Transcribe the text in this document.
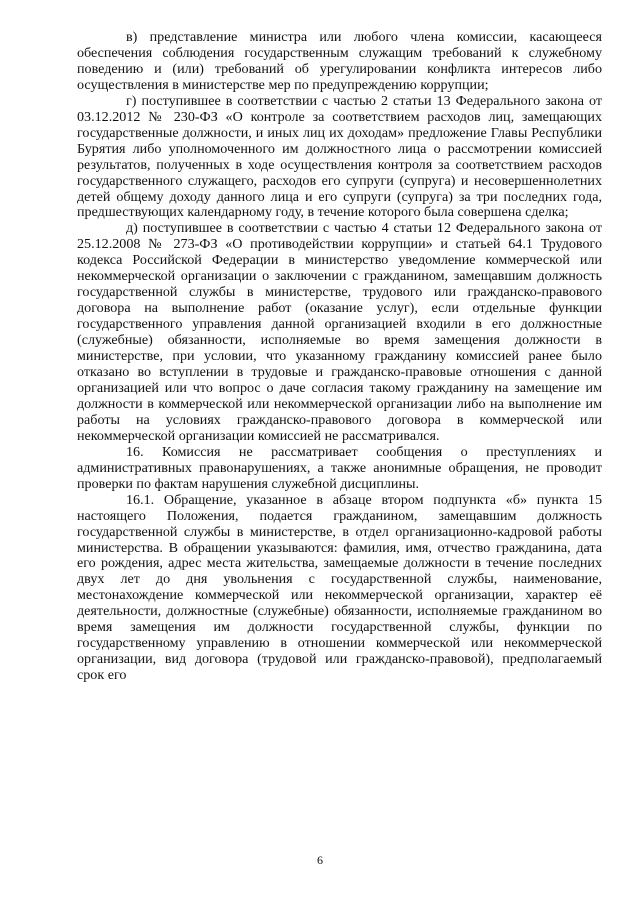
в) представление министра или любого члена комиссии, касающееся обеспечения соблюдения государственным служащим требований к служебному поведению и (или) требований об урегулировании конфликта интересов либо осуществления в министерстве мер по предупреждению коррупции;

г) поступившее в соответствии с частью 2 статьи 13 Федерального закона от 03.12.2012 № 230-ФЗ «О контроле за соответствием расходов лиц, замещающих государственные должности, и иных лиц их доходам» предложение Главы Республики Бурятия либо уполномоченного им должностного лица о рассмотрении комиссией результатов, полученных в ходе осуществления контроля за соответствием расходов государственного служащего, расходов его супруги (супруга) и несовершеннолетних детей общему доходу данного лица и его супруги (супруга) за три последних года, предшествующих календарному году, в течение которого была совершена сделка;

д) поступившее в соответствии с частью 4 статьи 12 Федерального закона от 25.12.2008 № 273-ФЗ «О противодействии коррупции» и статьей 64.1 Трудового кодекса Российской Федерации в министерство уведомление коммерческой или некоммерческой организации о заключении с гражданином, замещавшим должность государственной службы в министерстве, трудового или гражданско-правового договора на выполнение работ (оказание услуг), если отдельные функции государственного управления данной организацией входили в его должностные (служебные) обязанности, исполняемые во время замещения должности в министерстве, при условии, что указанному гражданину комиссией ранее было отказано во вступлении в трудовые и гражданско-правовые отношения с данной организацией или что вопрос о даче согласия такому гражданину на замещение им должности в коммерческой или некоммерческой организации либо на выполнение им работы на условиях гражданско-правового договора в коммерческой или некоммерческой организации комиссией не рассматривался.

16. Комиссия не рассматривает сообщения о преступлениях и административных правонарушениях, а также анонимные обращения, не проводит проверки по фактам нарушения служебной дисциплины.

16.1. Обращение, указанное в абзаце втором подпункта «б» пункта 15 настоящего Положения, подается гражданином, замещавшим должность государственной службы в министерстве, в отдел организационно-кадровой работы министерства. В обращении указываются: фамилия, имя, отчество гражданина, дата его рождения, адрес места жительства, замещаемые должности в течение последних двух лет до дня увольнения с государственной службы, наименование, местонахождение коммерческой или некоммерческой организации, характер её деятельности, должностные (служебные) обязанности, исполняемые гражданином во время замещения им должности государственной службы, функции по государственному управлению в отношении коммерческой или некоммерческой организации, вид договора (трудовой или гражданско-правовой), предполагаемый срок его

6
